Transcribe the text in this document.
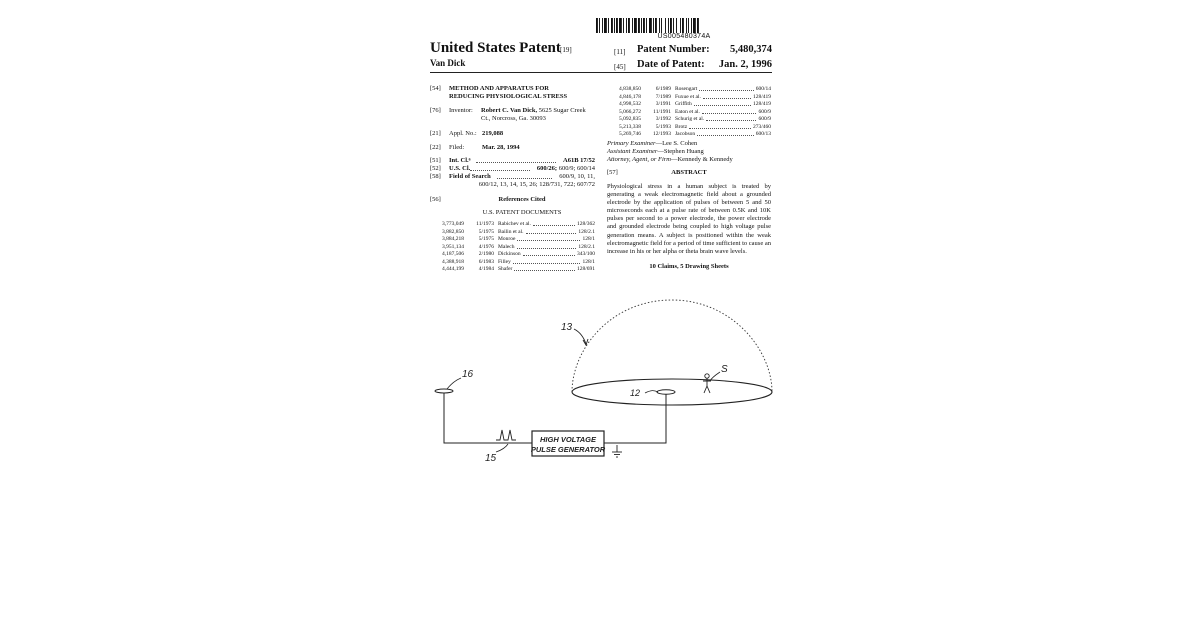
US005480374A
United States Patent [19]
Van Dick
[11] Patent Number:	5,480,374
[45] Date of Patent:	Jan. 2, 1996
[54] METHOD AND APPARATUS FOR
REDUCING PHYSIOLOGICAL STRESS
[76] Inventor: Robert C. Van Dick, 5625 Sugar Creek
Ct., Norcross, Ga. 30093
[21] Appl. No.: 219,088
[22] Filed:	Mar. 28, 1994
[51] Int. Cl.⁶	A61B 17/52
[52] U.S. Cl.	600/26; 600/9; 600/14
[58] Field of Search	600/9, 10, 11,
600/12, 13, 14, 15, 26; 128/731, 722; 607/72
[56]	References Cited
U.S. PATENT DOCUMENTS
3,773,049	11/1973 Rabichev et al.	128/362
3,882,850	5/1975 Bailin et al.	128/2.1
3,884,218	5/1975 Monroe	128/1
3,951,134	4/1976 Malech	128/2.1
4,187,506	2/1980 Dickinson	343/100
4,388,918	6/1983 Filley	128/1
4,444,199	4/1984 Shafer	128/691
4,838,850	6/1989 Rosengart	600/14
4,846,178	7/1989 Fuxue et al.	128/419
4,998,532	3/1991 Griffith	128/419
5,066,272	11/1991 Eaton et al.	600/9
5,092,835	3/1992 Schurig et al.	600/9
5,213,338	5/1993 Brotz	273/460
5,269,746	12/1993 Jacobson	600/13
Primary Examiner—Lee S. Cohen
Assistant Examiner—Stephen Huang
Attorney, Agent, or Firm—Kennedy & Kennedy
[57]	ABSTRACT
Physiological stress in a human subject is treated by generating a weak electromagnetic field about a grounded electrode by the application of pulses of between 5 and 50 microseconds each at a pulse rate of between 0.5K and 10K pulses per second to a power electrode, the power electrode and grounded electrode being coupled to high voltage pulse generation means. A subject is positioned within the weak electromagnetic field for a period of time sufficient to cause an increase in his or her alpha or theta brain wave levels.
10 Claims, 5 Drawing Sheets
13
S
12
16
15
HIGH VOLTAGE
PULSE GENERATOR
